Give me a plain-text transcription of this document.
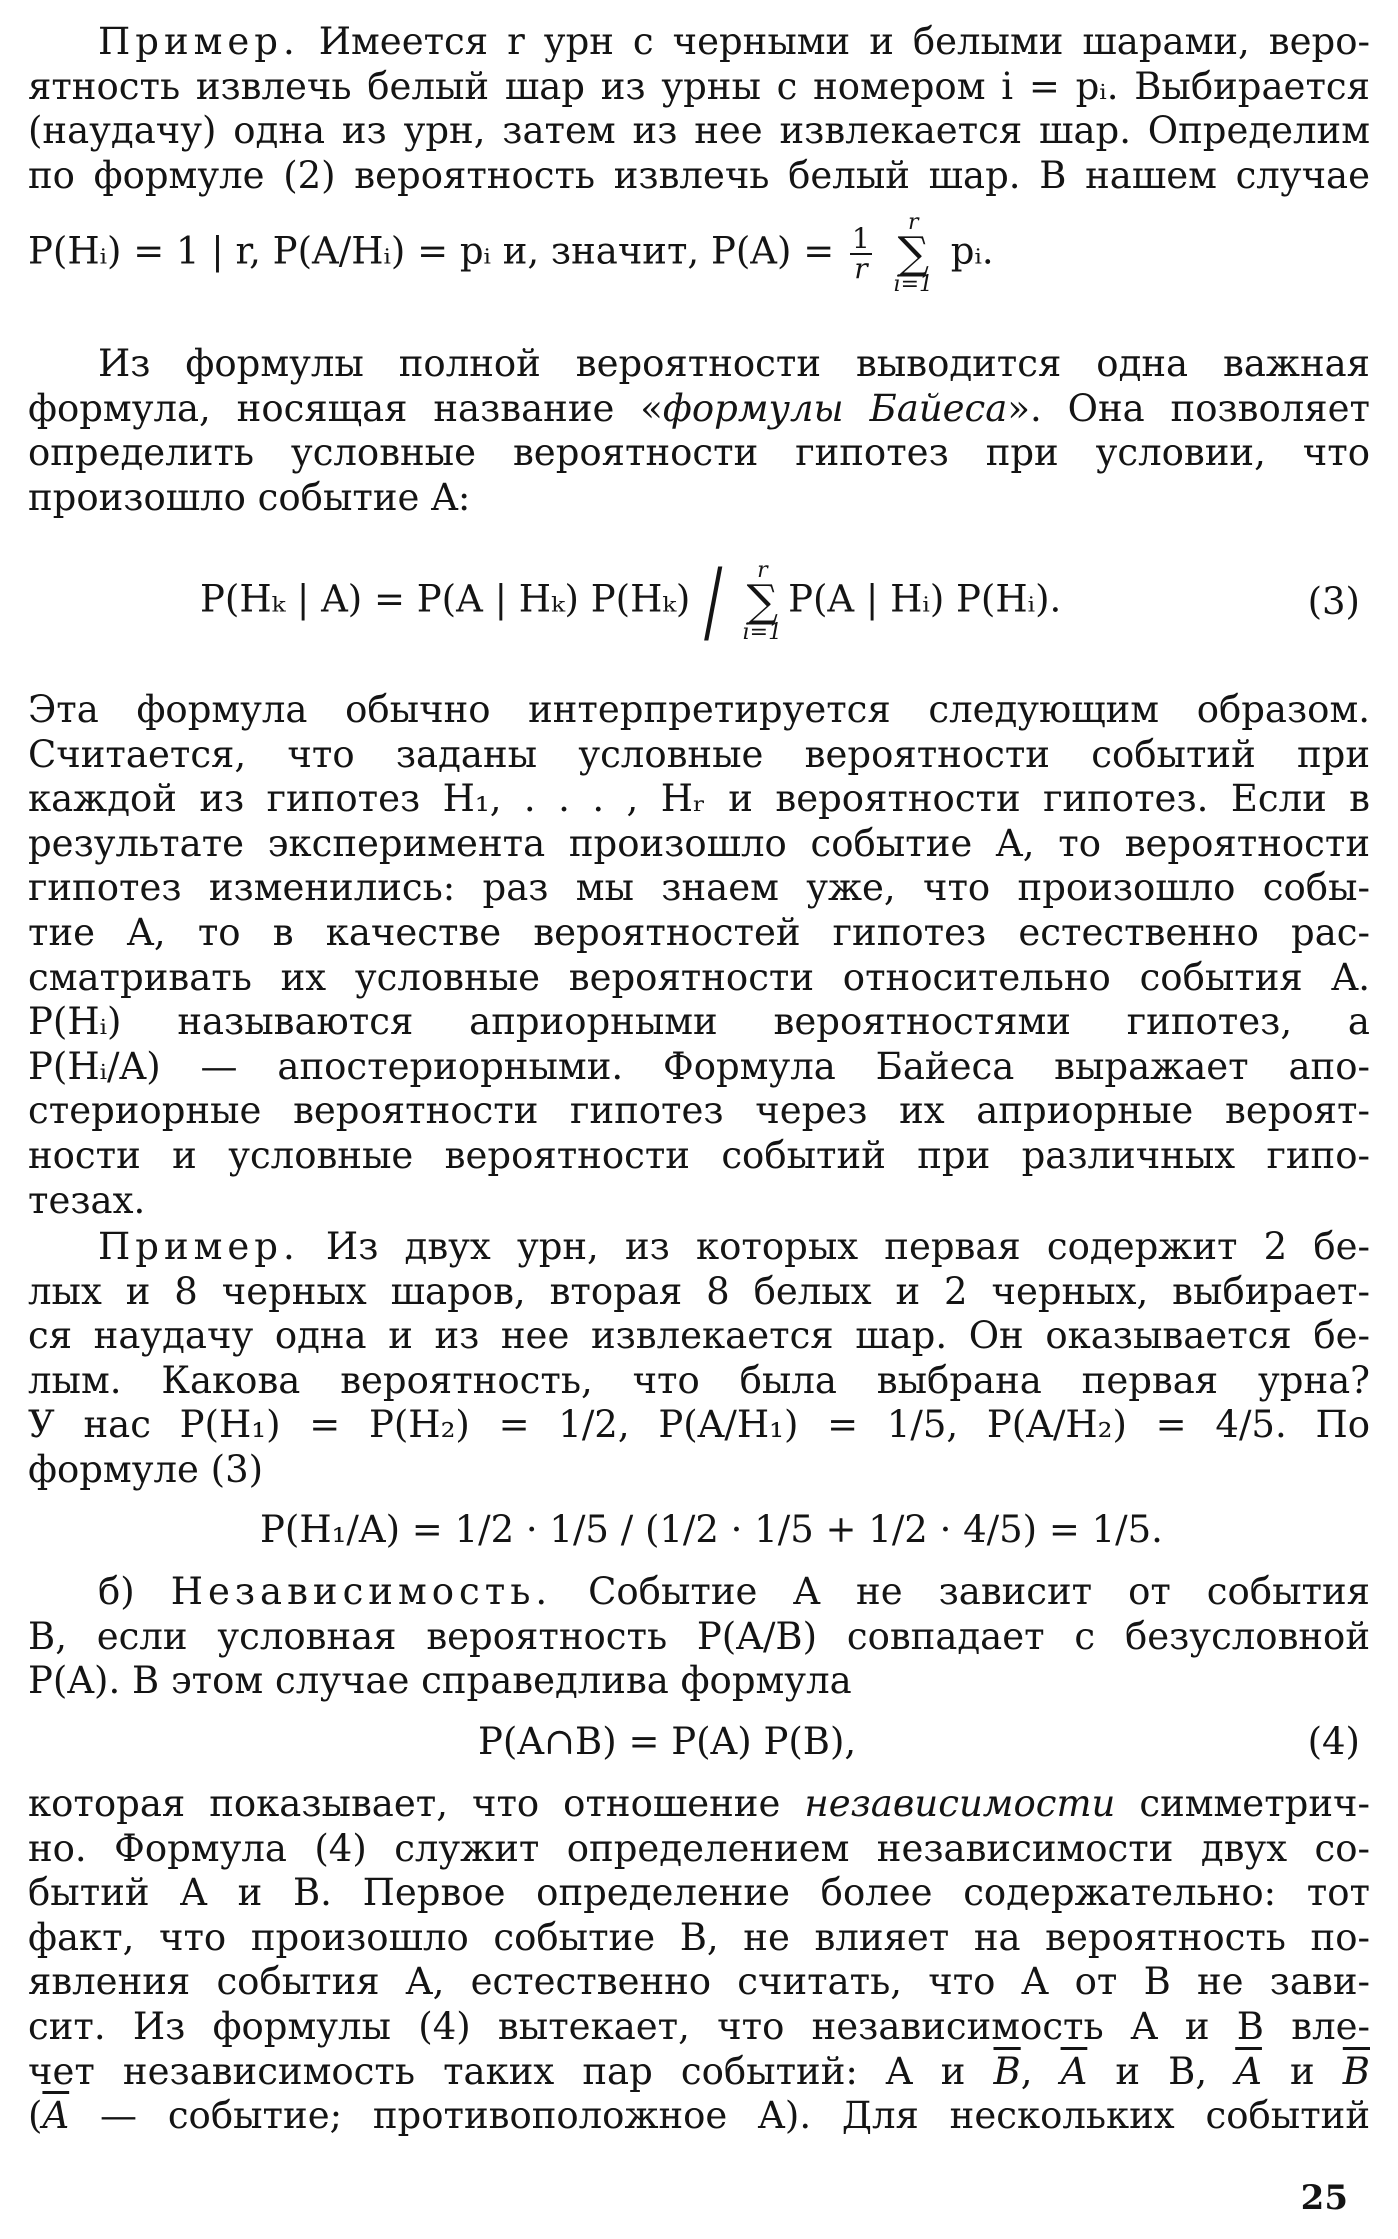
Пример. Имеется r урн с черными и белыми шарами, веро-
ятность извлечь белый шар из урны с номером i = pᵢ. Выбирается
(наудачу) одна из урн, затем из нее извлекается шар. Определим
по формуле (2) вероятность извлечь белый шар. В нашем случае
P(Hᵢ) = 1 | r, P(A/Hᵢ) = pᵢ и, значит, $P(A) = \frac{1}{r}$

r
∑
i=1
pᵢ.
Из формулы полной вероятности выводится одна важная
формула, носящая название «формулы Байеса». Она позволяет
определить условные вероятности гипотез при условии, что
произошло событие A:
P(Hₖ | A) = P(A | Hₖ) P(Hₖ) /	r
∑
i=1
P(A | Hᵢ) P(Hᵢ).	(3)
Эта формула обычно интерпретируется следующим образом.
Считается, что заданы условные вероятности событий при
каждой из гипотез H₁, . . . , Hᵣ и вероятности гипотез. Если в
результате эксперимента произошло событие A, то вероятности
гипотез изменились: раз мы знаем уже, что произошло собы-
тие A, то в качестве вероятностей гипотез естественно рас-
сматривать их условные вероятности относительно события A.
P(Hᵢ) называются априорными вероятностями гипотез, а
P(Hᵢ/A) — апостериорными. Формула Байеса выражает апо-
стериорные вероятности гипотез через их априорные вероят-
ности и условные вероятности событий при различных гипо-
тезах.
Пример. Из двух урн, из которых первая содержит 2 бе-
лых и 8 черных шаров, вторая 8 белых и 2 черных, выбирает-
ся наудачу одна и из нее извлекается шар. Он оказывается бе-
лым. Какова вероятность, что была выбрана первая урна?
У нас P(H₁) = P(H₂) = 1/2, P(A/H₁) = 1/5, P(A/H₂) = 4/5. По
формуле (3)
P(H₁/A) = 1/2 · 1/5 / (1/2 · 1/5 + 1/2 · 4/5) = 1/5.
б) Независимость. Событие A не зависит от события
B, если условная вероятность P(A/B) совпадает с безусловной
P(A). В этом случае справедлива формула
P(A∩B) = P(A) P(B),	(4)
которая показывает, что отношение независимости симметрич-
но. Формула (4) служит определением независимости двух со-
бытий A и B. Первое определение более содержательно: тот
факт, что произошло событие B, не влияет на вероятность по-
явления события A, естественно считать, что A от B не зави-
сит. Из формулы (4) вытекает, что независимость A и B вле-
чет независимость таких пар событий: A и $\overline{B}$, $\overline{A}$ и B, $\overline{A}$ и $\overline{B}$
($\overline{A}$ — событие; противоположное A). Для нескольких событий
25
